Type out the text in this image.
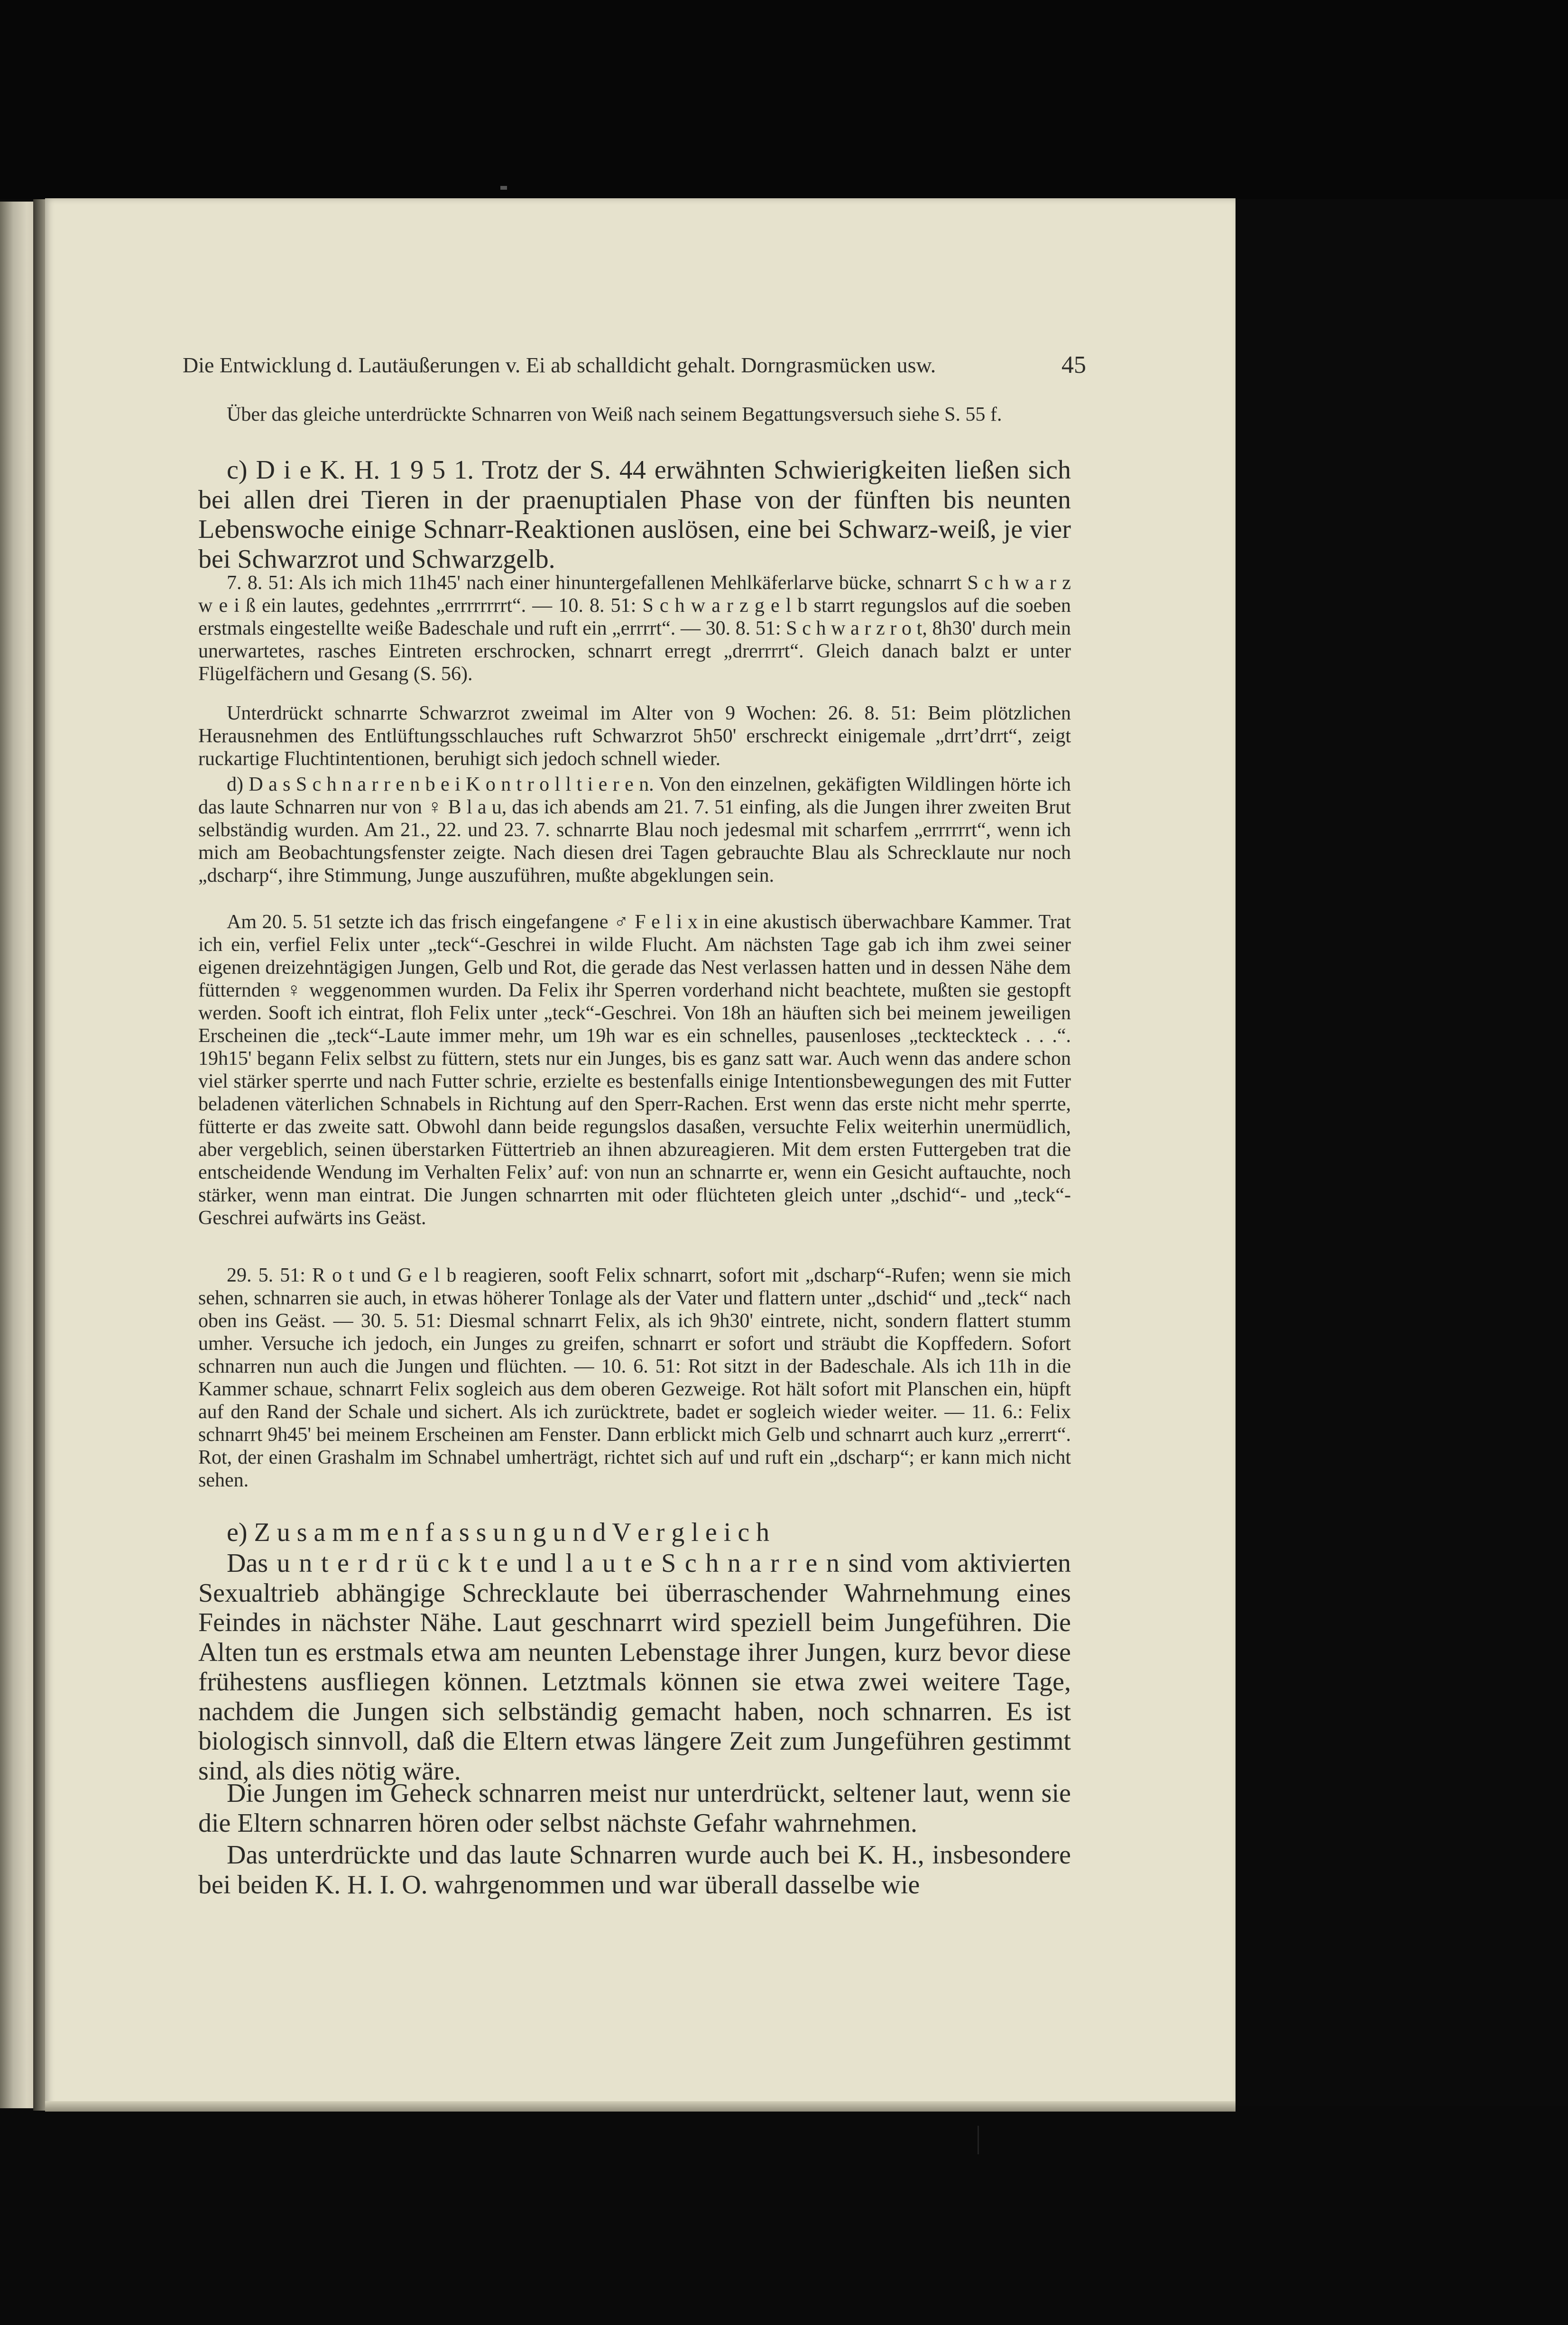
Die Entwicklung d. Lautäußerungen v. Ei ab schalldicht gehalt. Dorngrasmücken usw.	45

Über das gleiche unterdrückte Schnarren von Weiß nach seinem Begattungsversuch siehe S. 55 f.

c) D i e K. H. 1 9 5 1. Trotz der S. 44 erwähnten Schwierigkeiten ließen sich bei allen drei Tieren in der praenuptialen Phase von der fünften bis neunten Lebenswoche einige Schnarr-Reaktionen auslösen, eine bei Schwarz-weiß, je vier bei Schwarzrot und Schwarzgelb.

7. 8. 51: Als ich mich 11h45' nach einer hinuntergefallenen Mehlkäferlarve bücke, schnarrt S c h w a r z w e i ß ein lautes, gedehntes „errrrrrrrt“. — 10. 8. 51: S c h w a r z g e l b starrt regungslos auf die soeben erstmals eingestellte weiße Badeschale und ruft ein „errrrt“. — 30. 8. 51: S c h w a r z r o t, 8h30' durch mein unerwartetes, rasches Eintreten erschrocken, schnarrt erregt „drerrrrt“. Gleich danach balzt er unter Flügelfächern und Gesang (S. 56).

Unterdrückt schnarrte Schwarzrot zweimal im Alter von 9 Wochen: 26. 8. 51: Beim plötzlichen Herausnehmen des Entlüftungsschlauches ruft Schwarzrot 5h50' erschreckt einigemale „drrt’drrt“, zeigt ruckartige Fluchtintentionen, beruhigt sich jedoch schnell wieder.

d) D a s S c h n a r r e n b e i K o n t r o l l t i e r e n. Von den einzelnen, gekäfigten Wildlingen hörte ich das laute Schnarren nur von ♀ B l a u, das ich abends am 21. 7. 51 einfing, als die Jungen ihrer zweiten Brut selbständig wurden. Am 21., 22. und 23. 7. schnarrte Blau noch jedesmal mit scharfem „errrrrrt“, wenn ich mich am Beobachtungsfenster zeigte. Nach diesen drei Tagen gebrauchte Blau als Schrecklaute nur noch „dscharp“, ihre Stimmung, Junge auszuführen, mußte abgeklungen sein.

Am 20. 5. 51 setzte ich das frisch eingefangene ♂ F e l i x in eine akustisch überwachbare Kammer. Trat ich ein, verfiel Felix unter „teck“-Geschrei in wilde Flucht. Am nächsten Tage gab ich ihm zwei seiner eigenen dreizehntägigen Jungen, Gelb und Rot, die gerade das Nest verlassen hatten und in dessen Nähe dem fütternden ♀ weggenommen wurden. Da Felix ihr Sperren vorderhand nicht beachtete, mußten sie gestopft werden. Sooft ich eintrat, floh Felix unter „teck“-Geschrei. Von 18h an häuften sich bei meinem jeweiligen Erscheinen die „teck“-Laute immer mehr, um 19h war es ein schnelles, pausenloses „teckteckteck . . .“. 19h15' begann Felix selbst zu füttern, stets nur ein Junges, bis es ganz satt war. Auch wenn das andere schon viel stärker sperrte und nach Futter schrie, erzielte es bestenfalls einige Intentionsbewegungen des mit Futter beladenen väterlichen Schnabels in Richtung auf den Sperr-Rachen. Erst wenn das erste nicht mehr sperrte, fütterte er das zweite satt. Obwohl dann beide regungslos dasaßen, versuchte Felix weiterhin unermüdlich, aber vergeblich, seinen überstarken Füttertrieb an ihnen abzureagieren. Mit dem ersten Futtergeben trat die entscheidende Wendung im Verhalten Felix’ auf: von nun an schnarrte er, wenn ein Gesicht auftauchte, noch stärker, wenn man eintrat. Die Jungen schnarrten mit oder flüchteten gleich unter „dschid“- und „teck“-Geschrei aufwärts ins Geäst.

29. 5. 51: R o t und G e l b reagieren, sooft Felix schnarrt, sofort mit „dscharp“-Rufen; wenn sie mich sehen, schnarren sie auch, in etwas höherer Tonlage als der Vater und flattern unter „dschid“ und „teck“ nach oben ins Geäst. — 30. 5. 51: Diesmal schnarrt Felix, als ich 9h30' eintrete, nicht, sondern flattert stumm umher. Versuche ich jedoch, ein Junges zu greifen, schnarrt er sofort und sträubt die Kopffedern. Sofort schnarren nun auch die Jungen und flüchten. — 10. 6. 51: Rot sitzt in der Badeschale. Als ich 11h in die Kammer schaue, schnarrt Felix sogleich aus dem oberen Gezweige. Rot hält sofort mit Planschen ein, hüpft auf den Rand der Schale und sichert. Als ich zurücktrete, badet er sogleich wieder weiter. — 11. 6.: Felix schnarrt 9h45' bei meinem Erscheinen am Fenster. Dann erblickt mich Gelb und schnarrt auch kurz „errerrt“. Rot, der einen Grashalm im Schnabel umherträgt, richtet sich auf und ruft ein „dscharp“; er kann mich nicht sehen.

e) Z u s a m m e n f a s s u n g u n d V e r g l e i c h

Das u n t e r d r ü c k t e und l a u t e S c h n a r r e n sind vom aktivierten Sexualtrieb abhängige Schrecklaute bei überraschender Wahrnehmung eines Feindes in nächster Nähe. Laut geschnarrt wird speziell beim Jungeführen. Die Alten tun es erstmals etwa am neunten Lebenstage ihrer Jungen, kurz bevor diese frühestens ausfliegen können. Letztmals können sie etwa zwei weitere Tage, nachdem die Jungen sich selbständig gemacht haben, noch schnarren. Es ist biologisch sinnvoll, daß die Eltern etwas längere Zeit zum Jungeführen gestimmt sind, als dies nötig wäre.

Die Jungen im Geheck schnarren meist nur unterdrückt, seltener laut, wenn sie die Eltern schnarren hören oder selbst nächste Gefahr wahrnehmen.

Das unterdrückte und das laute Schnarren wurde auch bei K. H., insbesondere bei beiden K. H. I. O. wahrgenommen und war überall dasselbe wie
